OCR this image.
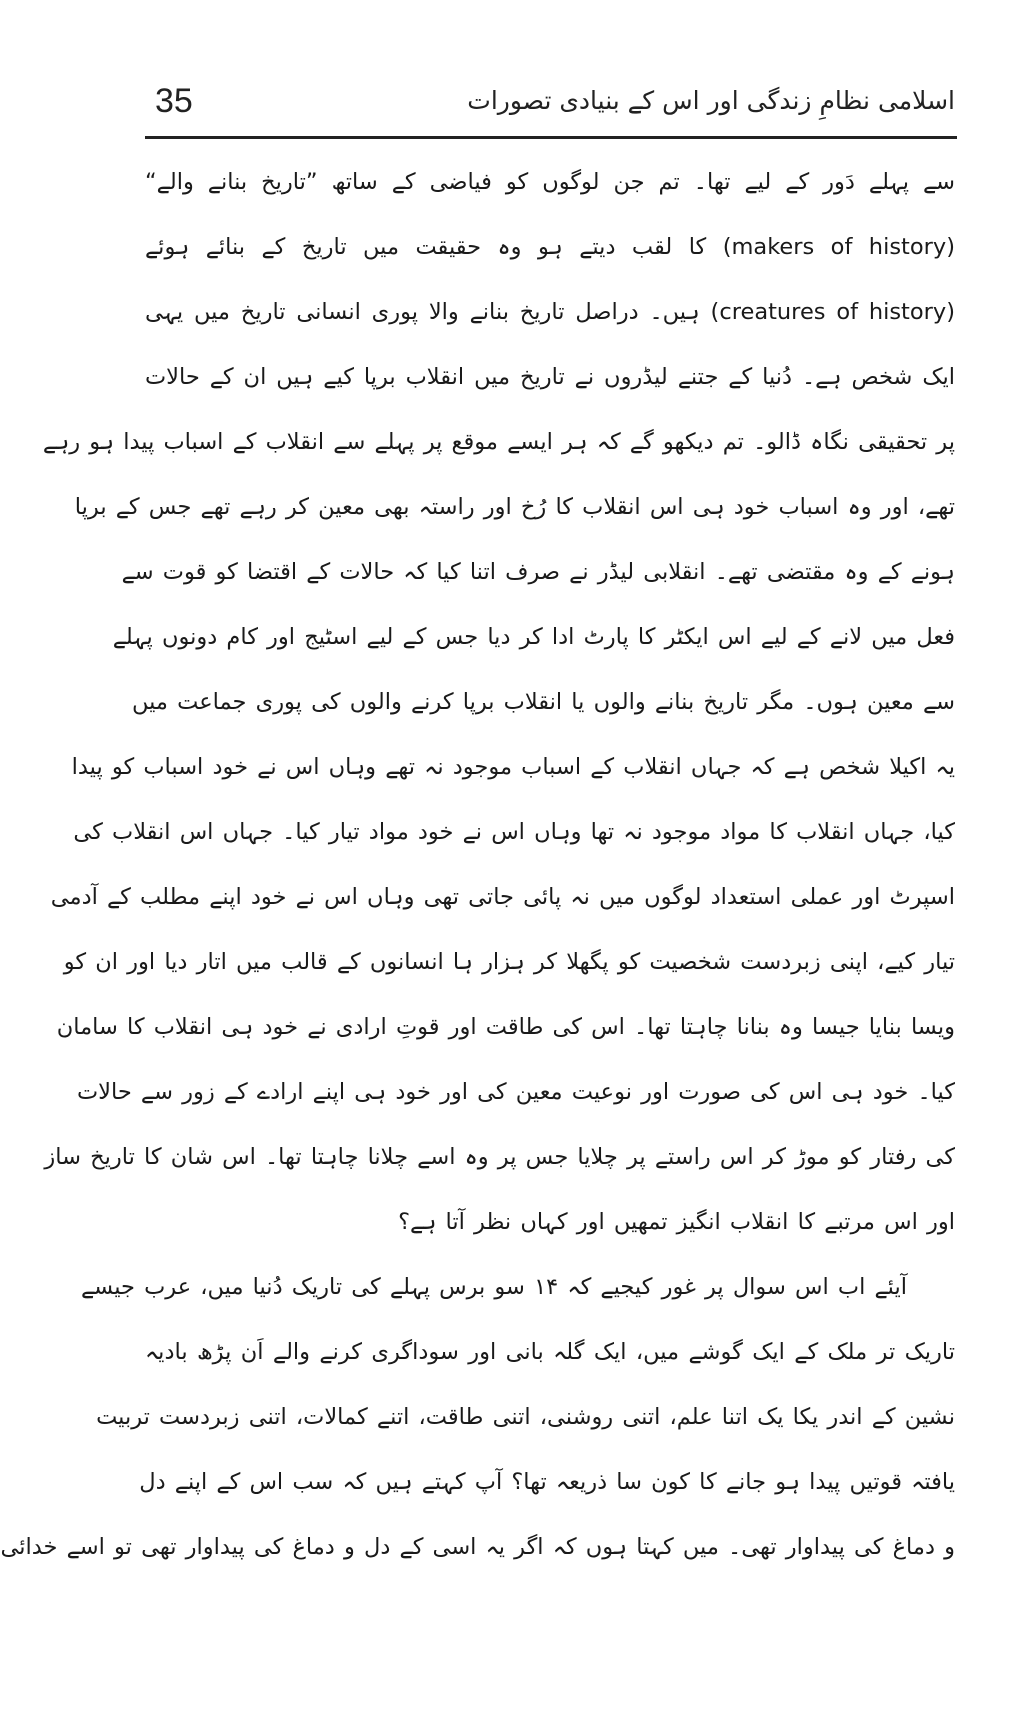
35	اسلامی نظامِ زندگی اور اس کے بنیادی تصورات
سے پہلے دَور کے لیے تھا۔ تم جن لوگوں کو فیاضی کے ساتھ ”تاریخ بنانے والے“
(makers of history) کا لقب دیتے ہو وہ حقیقت میں تاریخ کے بنائے ہوئے
(creatures of history) ہیں۔ دراصل تاریخ بنانے والا پوری انسانی تاریخ میں یہی
ایک شخص ہے۔ دُنیا کے جتنے لیڈروں نے تاریخ میں انقلاب برپا کیے ہیں ان کے حالات
پر تحقیقی نگاہ ڈالو۔ تم دیکھو گے کہ ہر ایسے موقع پر پہلے سے انقلاب کے اسباب پیدا ہو رہے
تھے، اور وہ اسباب خود ہی اس انقلاب کا رُخ اور راستہ بھی معین کر رہے تھے جس کے برپا
ہونے کے وہ مقتضی تھے۔ انقلابی لیڈر نے صرف اتنا کیا کہ حالات کے اقتضا کو قوت سے
فعل میں لانے کے لیے اس ایکٹر کا پارٹ ادا کر دیا جس کے لیے اسٹیج اور کام دونوں پہلے
سے معین ہوں۔ مگر تاریخ بنانے والوں یا انقلاب برپا کرنے والوں کی پوری جماعت میں
یہ اکیلا شخص ہے کہ جہاں انقلاب کے اسباب موجود نہ تھے وہاں اس نے خود اسباب کو پیدا
کیا، جہاں انقلاب کا مواد موجود نہ تھا وہاں اس نے خود مواد تیار کیا۔ جہاں اس انقلاب کی
اسپرٹ اور عملی استعداد لوگوں میں نہ پائی جاتی تھی وہاں اس نے خود اپنے مطلب کے آدمی
تیار کیے، اپنی زبردست شخصیت کو پگھلا کر ہزار ہا انسانوں کے قالب میں اتار دیا اور ان کو
ویسا بنایا جیسا وہ بنانا چاہتا تھا۔ اس کی طاقت اور قوتِ ارادی نے خود ہی انقلاب کا سامان
کیا۔ خود ہی اس کی صورت اور نوعیت معین کی اور خود ہی اپنے ارادے کے زور سے حالات
کی رفتار کو موڑ کر اس راستے پر چلایا جس پر وہ اسے چلانا چاہتا تھا۔ اس شان کا تاریخ ساز
اور اس مرتبے کا انقلاب انگیز تمھیں اور کہاں نظر آتا ہے؟
آیئے اب اس سوال پر غور کیجیے کہ ۱۴ سو برس پہلے کی تاریک دُنیا میں، عرب جیسے
تاریک تر ملک کے ایک گوشے میں، ایک گلہ بانی اور سوداگری کرنے والے اَن پڑھ بادیہ
نشین کے اندر یکا یک اتنا علم، اتنی روشنی، اتنی طاقت، اتنے کمالات، اتنی زبردست تربیت
یافتہ قوتیں پیدا ہو جانے کا کون سا ذریعہ تھا؟ آپ کہتے ہیں کہ سب اس کے اپنے دل
و دماغ کی پیداوار تھی۔ میں کہتا ہوں کہ اگر یہ اسی کے دل و دماغ کی پیداوار تھی تو اسے خدائی
